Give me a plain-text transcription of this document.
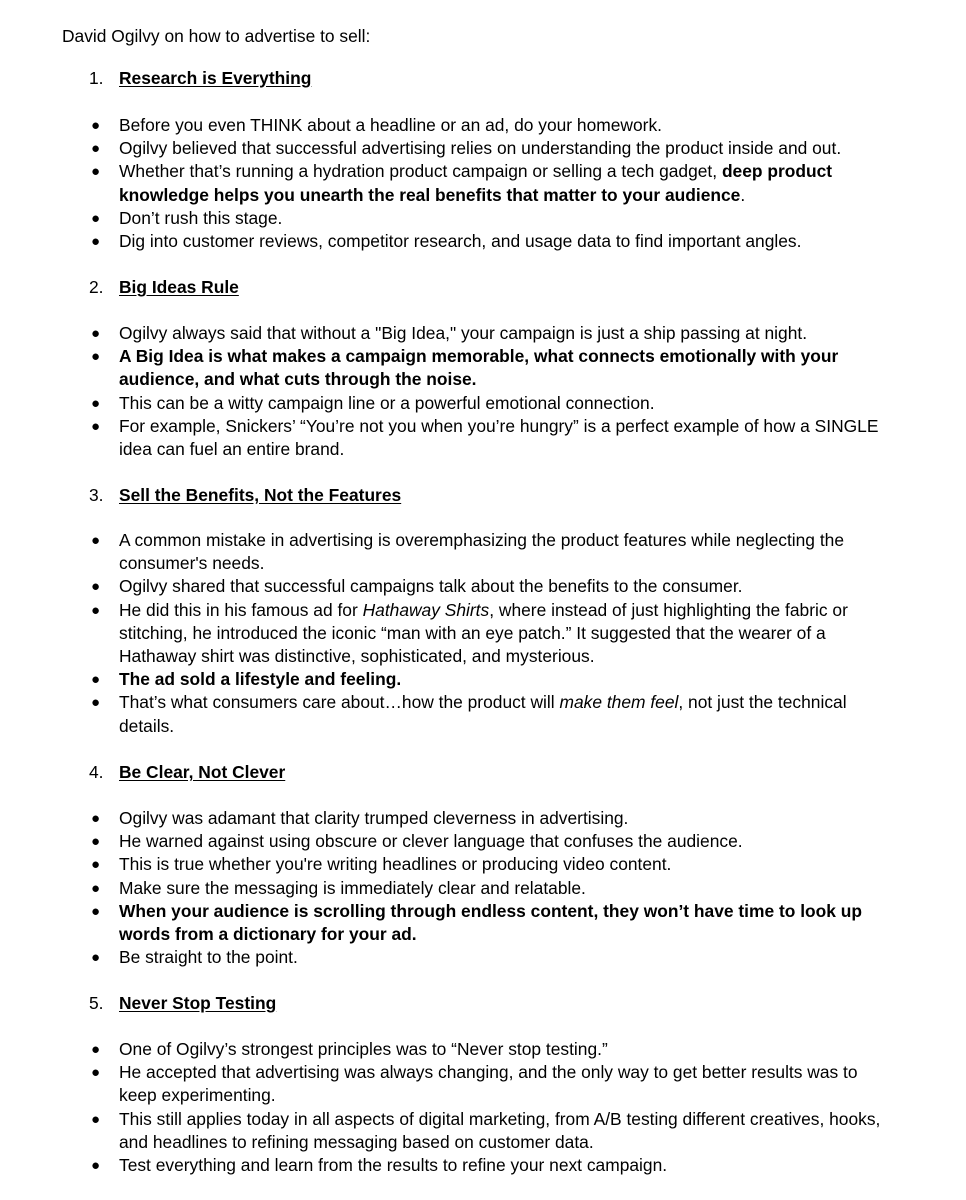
David Ogilvy on how to advertise to sell:

1. Research is Everything

● Before you even THINK about a headline or an ad, do your homework.
● Ogilvy believed that successful advertising relies on understanding the product inside and out.
● Whether that’s running a hydration product campaign or selling a tech gadget, deep product knowledge helps you unearth the real benefits that matter to your audience.
● Don’t rush this stage.
● Dig into customer reviews, competitor research, and usage data to find important angles.

2. Big Ideas Rule

● Ogilvy always said that without a "Big Idea," your campaign is just a ship passing at night.
● A Big Idea is what makes a campaign memorable, what connects emotionally with your audience, and what cuts through the noise.
● This can be a witty campaign line or a powerful emotional connection.
● For example, Snickers’ “You’re not you when you’re hungry” is a perfect example of how a SINGLE idea can fuel an entire brand.

3. Sell the Benefits, Not the Features

● A common mistake in advertising is overemphasizing the product features while neglecting the consumer's needs.
● Ogilvy shared that successful campaigns talk about the benefits to the consumer.
● He did this in his famous ad for Hathaway Shirts, where instead of just highlighting the fabric or stitching, he introduced the iconic “man with an eye patch.” It suggested that the wearer of a Hathaway shirt was distinctive, sophisticated, and mysterious.
● The ad sold a lifestyle and feeling.
● That’s what consumers care about…how the product will make them feel, not just the technical details.

4. Be Clear, Not Clever

● Ogilvy was adamant that clarity trumped cleverness in advertising.
● He warned against using obscure or clever language that confuses the audience.
● This is true whether you're writing headlines or producing video content.
● Make sure the messaging is immediately clear and relatable.
● When your audience is scrolling through endless content, they won’t have time to look up words from a dictionary for your ad.
● Be straight to the point.

5. Never Stop Testing

● One of Ogilvy’s strongest principles was to “Never stop testing.”
● He accepted that advertising was always changing, and the only way to get better results was to keep experimenting.
● This still applies today in all aspects of digital marketing, from A/B testing different creatives, hooks, and headlines to refining messaging based on customer data.
● Test everything and learn from the results to refine your next campaign.
